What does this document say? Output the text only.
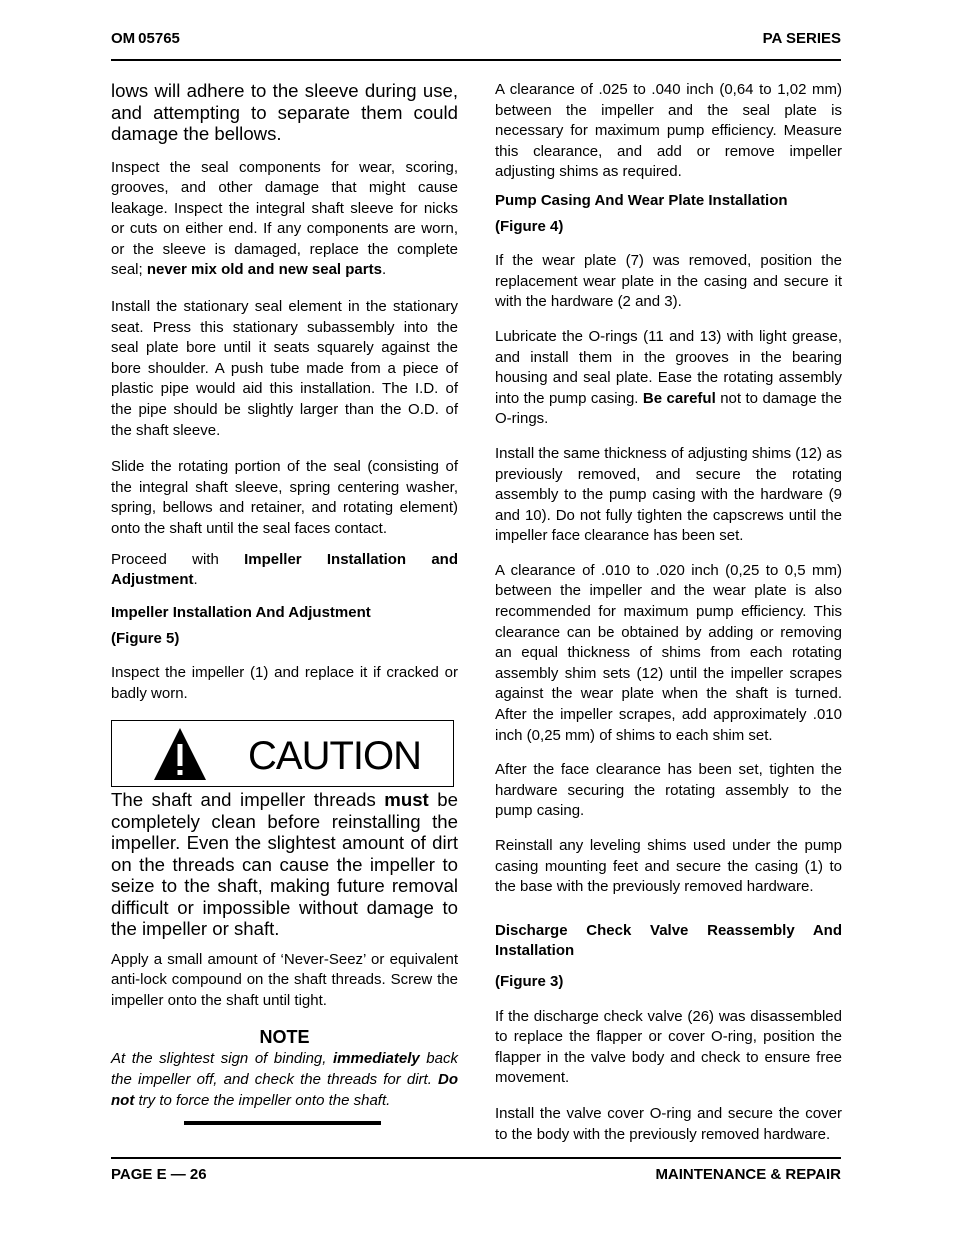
OM 05765	PA SERIES

lows will adhere to the sleeve during use, and attempting to separate them could damage the bellows.

Inspect the seal components for wear, scoring, grooves, and other damage that might cause leakage. Inspect the integral shaft sleeve for nicks or cuts on either end. If any components are worn, or the sleeve is damaged, replace the complete seal; never mix old and new seal parts.

Install the stationary seal element in the stationary seat. Press this stationary subassembly into the seal plate bore until it seats squarely against the bore shoulder. A push tube made from a piece of plastic pipe would aid this installation. The I.D. of the pipe should be slightly larger than the O.D. of the shaft sleeve.

Slide the rotating portion of the seal (consisting of the integral shaft sleeve, spring centering washer, spring, bellows and retainer, and rotating element) onto the shaft until the seal faces contact.

Proceed with Impeller Installation and Adjustment.

Impeller Installation And Adjustment

(Figure 5)

Inspect the impeller (1) and replace it if cracked or badly worn.

CAUTION

The shaft and impeller threads must be completely clean before reinstalling the impeller. Even the slightest amount of dirt on the threads can cause the impeller to seize to the shaft, making future removal difficult or impossible without damage to the impeller or shaft.

Apply a small amount of ‘Never-Seez’ or equivalent anti-lock compound on the shaft threads. Screw the impeller onto the shaft until tight.

NOTE

At the slightest sign of binding, immediately back the impeller off, and check the threads for dirt. Do not try to force the impeller onto the shaft.

A clearance of .025 to .040 inch (0,64 to 1,02 mm) between the impeller and the seal plate is necessary for maximum pump efficiency. Measure this clearance, and add or remove impeller adjusting shims as required.

Pump Casing And Wear Plate Installation

(Figure 4)

If the wear plate (7) was removed, position the replacement wear plate in the casing and secure it with the hardware (2 and 3).

Lubricate the O-rings (11 and 13) with light grease, and install them in the grooves in the bearing housing and seal plate. Ease the rotating assembly into the pump casing. Be careful not to damage the O-rings.

Install the same thickness of adjusting shims (12) as previously removed, and secure the rotating assembly to the pump casing with the hardware (9 and 10). Do not fully tighten the capscrews until the impeller face clearance has been set.

A clearance of .010 to .020 inch (0,25 to 0,5 mm) between the impeller and the wear plate is also recommended for maximum pump efficiency. This clearance can be obtained by adding or removing an equal thickness of shims from each rotating assembly shim sets (12) until the impeller scrapes against the wear plate when the shaft is turned. After the impeller scrapes, add approximately .010 inch (0,25 mm) of shims to each shim set.

After the face clearance has been set, tighten the hardware securing the rotating assembly to the pump casing.

Reinstall any leveling shims used under the pump casing mounting feet and secure the casing (1) to the base with the previously removed hardware.

Discharge Check Valve Reassembly And Installation

(Figure 3)

If the discharge check valve (26) was disassembled to replace the flapper or cover O-ring, position the flapper in the valve body and check to ensure free movement.

Install the valve cover O-ring and secure the cover to the body with the previously removed hardware.

PAGE E — 26	MAINTENANCE & REPAIR
